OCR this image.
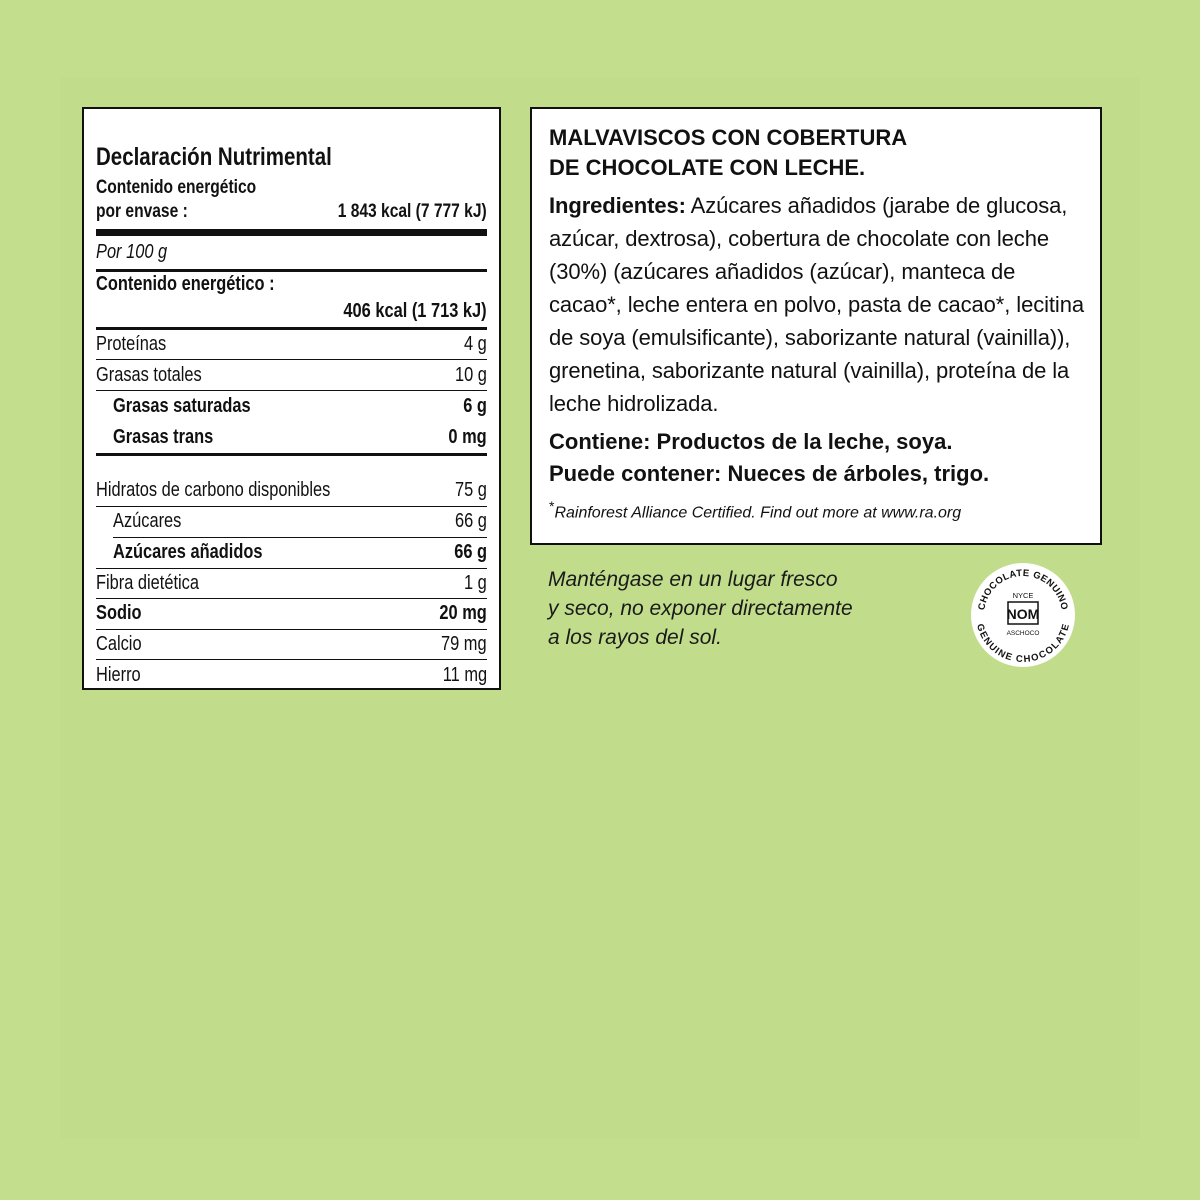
Declaración Nutrimental
Contenido energético
por envase :	1 843 kcal (7 777 kJ)
Por 100 g
Contenido energético :
406 kcal (1 713 kJ)
Proteínas	4 g
Grasas totales	10 g
Grasas saturadas	6 g
Grasas trans	0 mg
Hidratos de carbono disponibles	75 g
Azúcares	66 g
Azúcares añadidos	66 g
Fibra dietética	1 g
Sodio	20 mg
Calcio	79 mg
Hierro	11 mg
MALVAVISCOS CON COBERTURA
DE CHOCOLATE CON LECHE.
Ingredientes: Azúcares añadidos (jarabe de glucosa, azúcar, dextrosa), cobertura de chocolate con leche (30%) (azúcares añadidos (azúcar), manteca de cacao*, leche entera en polvo, pasta de cacao*, lecitina de soya (emulsificante), saborizante natural (vainilla)), grenetina, saborizante natural (vainilla), proteína de la leche hidrolizada.
Contiene: Productos de la leche, soya.
Puede contener: Nueces de árboles, trigo.
*Rainforest Alliance Certified. Find out more at www.ra.org
Manténgase en un lugar fresco
y seco, no exponer directamente
a los rayos del sol.
CHOCOLATE GENUINO
GENUINE CHOCOLATE
NYCE
NOM
ASCHOCO
